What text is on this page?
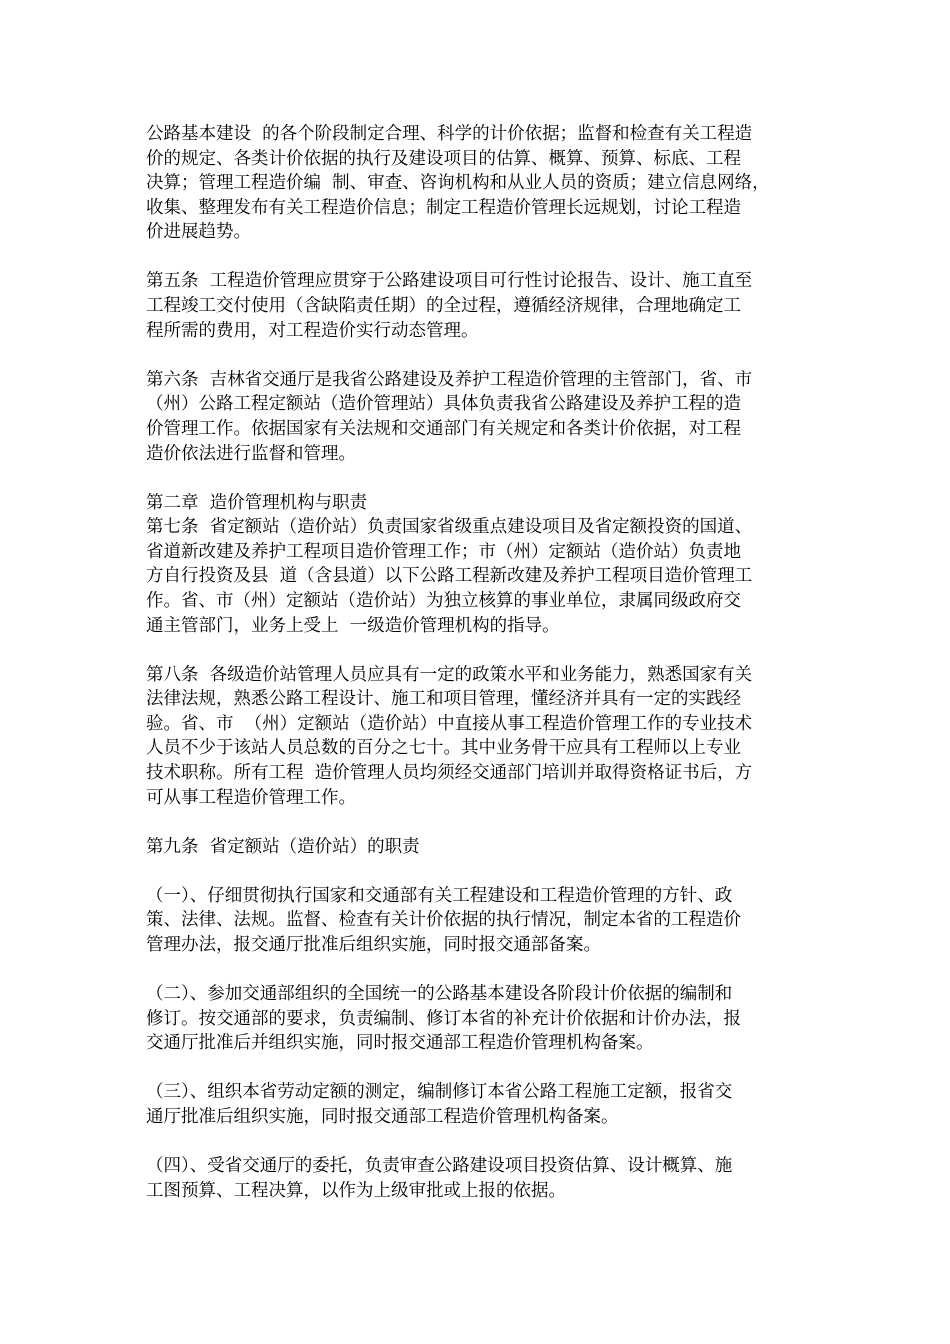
公路基本建设  的各个阶段制定合理、科学的计价依据；监督和检查有关工程造
价的规定、各类计价依据的执行及建设项目的估算、概算、预算、标底、工程
决算；管理工程造价编  制、审查、咨询机构和从业人员的资质；建立信息网络，
收集、整理发布有关工程造价信息；制定工程造价管理长远规划，讨论工程造
价进展趋势。
第五条  工程造价管理应贯穿于公路建设项目可行性讨论报告、设计、施工直至
工程竣工交付使用（含缺陷责任期）的全过程，遵循经济规律，合理地确定工
程所需的费用，对工程造价实行动态管理。
第六条  吉林省交通厅是我省公路建设及养护工程造价管理的主管部门，省、市
（州）公路工程定额站（造价管理站）具体负责我省公路建设及养护工程的造
价管理工作。依据国家有关法规和交通部门有关规定和各类计价依据，对工程
造价依法进行监督和管理。
第二章  造价管理机构与职责
第七条  省定额站（造价站）负责国家省级重点建设项目及省定额投资的国道、
省道新改建及养护工程项目造价管理工作；市（州）定额站（造价站）负责地
方自行投资及县  道（含县道）以下公路工程新改建及养护工程项目造价管理工
作。省、市（州）定额站（造价站）为独立核算的事业单位，隶属同级政府交
通主管部门，业务上受上  一级造价管理机构的指导。
第八条  各级造价站管理人员应具有一定的政策水平和业务能力，熟悉国家有关
法律法规，熟悉公路工程设计、施工和项目管理，懂经济并具有一定的实践经
验。省、市  （州）定额站（造价站）中直接从事工程造价管理工作的专业技术
人员不少于该站人员总数的百分之七十。其中业务骨干应具有工程师以上专业
技术职称。所有工程  造价管理人员均须经交通部门培训并取得资格证书后，方
可从事工程造价管理工作。
第九条  省定额站（造价站）的职责
（一）、仔细贯彻执行国家和交通部有关工程建设和工程造价管理的方针、政
策、法律、法规。监督、检查有关计价依据的执行情况，制定本省的工程造价
管理办法，报交通厅批准后组织实施，同时报交通部备案。
（二）、参加交通部组织的全国统一的公路基本建设各阶段计价依据的编制和
修订。按交通部的要求，负责编制、修订本省的补充计价依据和计价办法，报
交通厅批准后并组织实施，同时报交通部工程造价管理机构备案。
（三）、组织本省劳动定额的测定，编制修订本省公路工程施工定额，报省交
通厅批准后组织实施，同时报交通部工程造价管理机构备案。
（四）、受省交通厅的委托，负责审查公路建设项目投资估算、设计概算、施
工图预算、工程决算，以作为上级审批或上报的依据。
